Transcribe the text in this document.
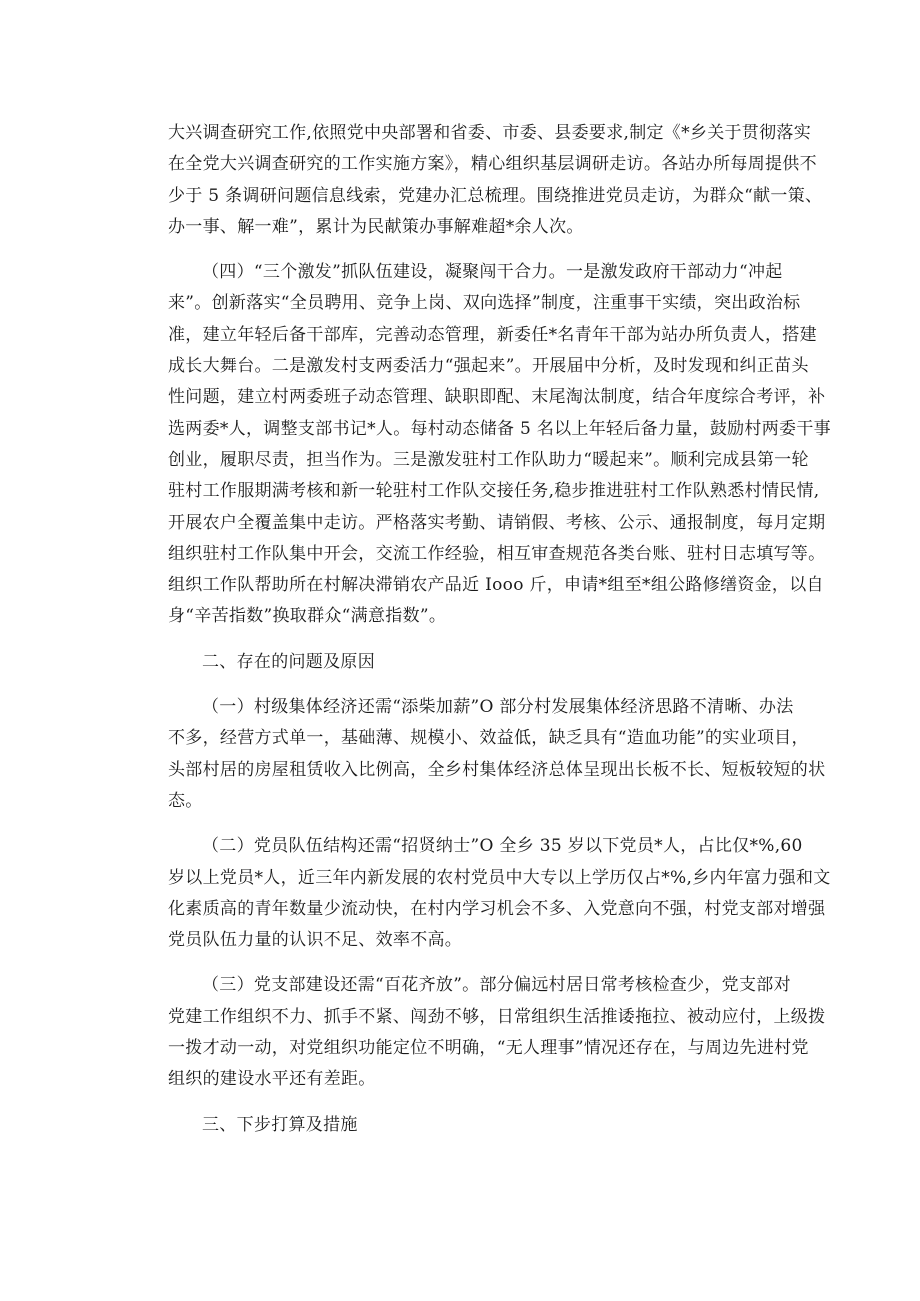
大兴调查研究工作,依照党中央部署和省委、市委、县委要求,制定《*乡关于贯彻落实
在全党大兴调查研究的工作实施方案》，精心组织基层调研走访。各站办所每周提供不
少于 5 条调研问题信息线索，党建办汇总梳理。围绕推进党员走访，为群众“献一策、
办一事、解一难”，累计为民献策办事解难超*余人次。

（四）“三个激发”抓队伍建设，凝聚闯干合力。一是激发政府干部动力“冲起
来”。创新落实“全员聘用、竞争上岗、双向选择”制度，注重事干实绩，突出政治标
准，建立年轻后备干部库，完善动态管理，新委任*名青年干部为站办所负责人，搭建
成长大舞台。二是激发村支两委活力“强起来”。开展届中分析，及时发现和纠正苗头
性问题，建立村两委班子动态管理、缺职即配、末尾淘汰制度，结合年度综合考评，补
选两委*人，调整支部书记*人。每村动态储备 5 名以上年轻后备力量，鼓励村两委干事
创业，履职尽责，担当作为。三是激发驻村工作队助力“暖起来”。顺利完成县第一轮
驻村工作服期满考核和新一轮驻村工作队交接任务,稳步推进驻村工作队熟悉村情民情,
开展农户全覆盖集中走访。严格落实考勤、请销假、考核、公示、通报制度，每月定期
组织驻村工作队集中开会，交流工作经验，相互审查规范各类台账、驻村日志填写等。
组织工作队帮助所在村解决滞销农产品近 Iooo 斤，申请*组至*组公路修缮资金，以自
身“辛苦指数”换取群众“满意指数”。

二、存在的问题及原因

（一）村级集体经济还需“添柴加薪”O 部分村发展集体经济思路不清晰、办法
不多，经营方式单一，基础薄、规模小、效益低，缺乏具有“造血功能”的实业项目，
头部村居的房屋租赁收入比例高，全乡村集体经济总体呈现出长板不长、短板较短的状
态。

（二）党员队伍结构还需“招贤纳士”O 全乡 35 岁以下党员*人，占比仅*%,60
岁以上党员*人，近三年内新发展的农村党员中大专以上学历仅占*%,乡内年富力强和文
化素质高的青年数量少流动快，在村内学习机会不多、入党意向不强，村党支部对增强
党员队伍力量的认识不足、效率不高。

（三）党支部建设还需“百花齐放”。部分偏远村居日常考核检查少，党支部对
党建工作组织不力、抓手不紧、闯劲不够，日常组织生活推诿拖拉、被动应付，上级拨
一拨才动一动，对党组织功能定位不明确，“无人理事”情况还存在，与周边先进村党
组织的建设水平还有差距。

三、下步打算及措施
